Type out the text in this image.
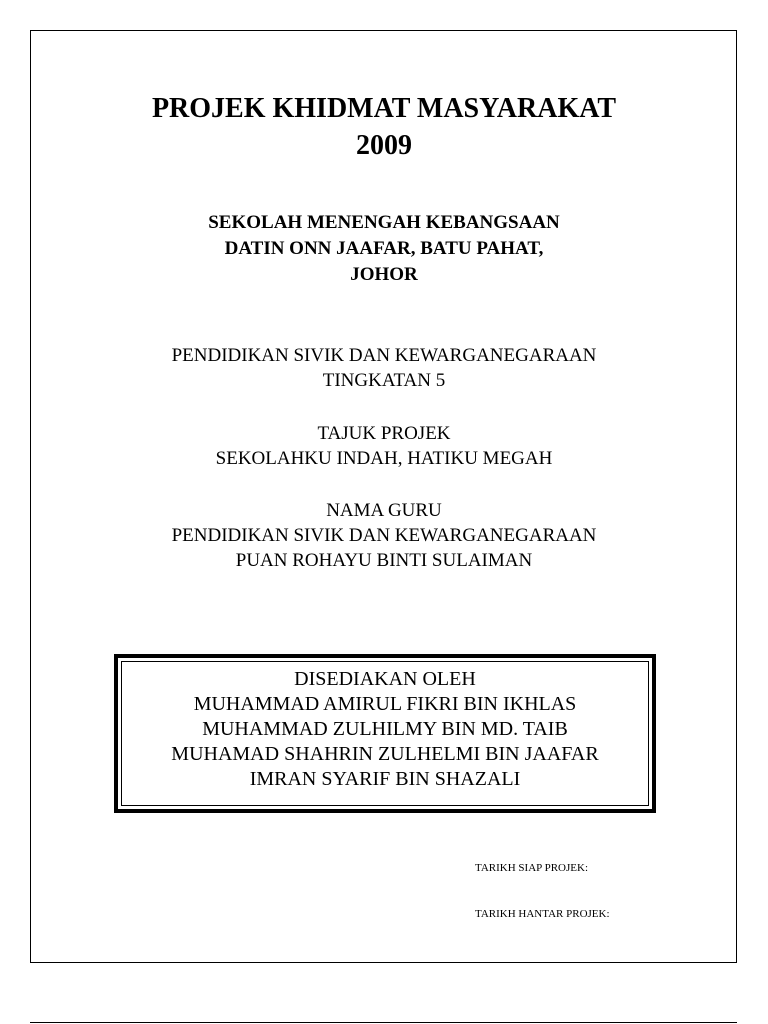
PROJEK KHIDMAT MASYARAKAT
2009
SEKOLAH MENENGAH KEBANGSAAN
DATIN ONN JAAFAR, BATU PAHAT,
JOHOR
PENDIDIKAN SIVIK DAN KEWARGANEGARAAN
TINGKATAN 5
TAJUK PROJEK
SEKOLAHKU INDAH, HATIKU MEGAH
NAMA GURU
PENDIDIKAN SIVIK DAN KEWARGANEGARAAN
PUAN ROHAYU BINTI SULAIMAN
DISEDIAKAN OLEH
MUHAMMAD AMIRUL FIKRI BIN IKHLAS
MUHAMMAD ZULHILMY BIN MD. TAIB
MUHAMAD SHAHRIN ZULHELMI BIN JAAFAR
IMRAN SYARIF BIN SHAZALI
TARIKH SIAP PROJEK:
TARIKH HANTAR PROJEK:
